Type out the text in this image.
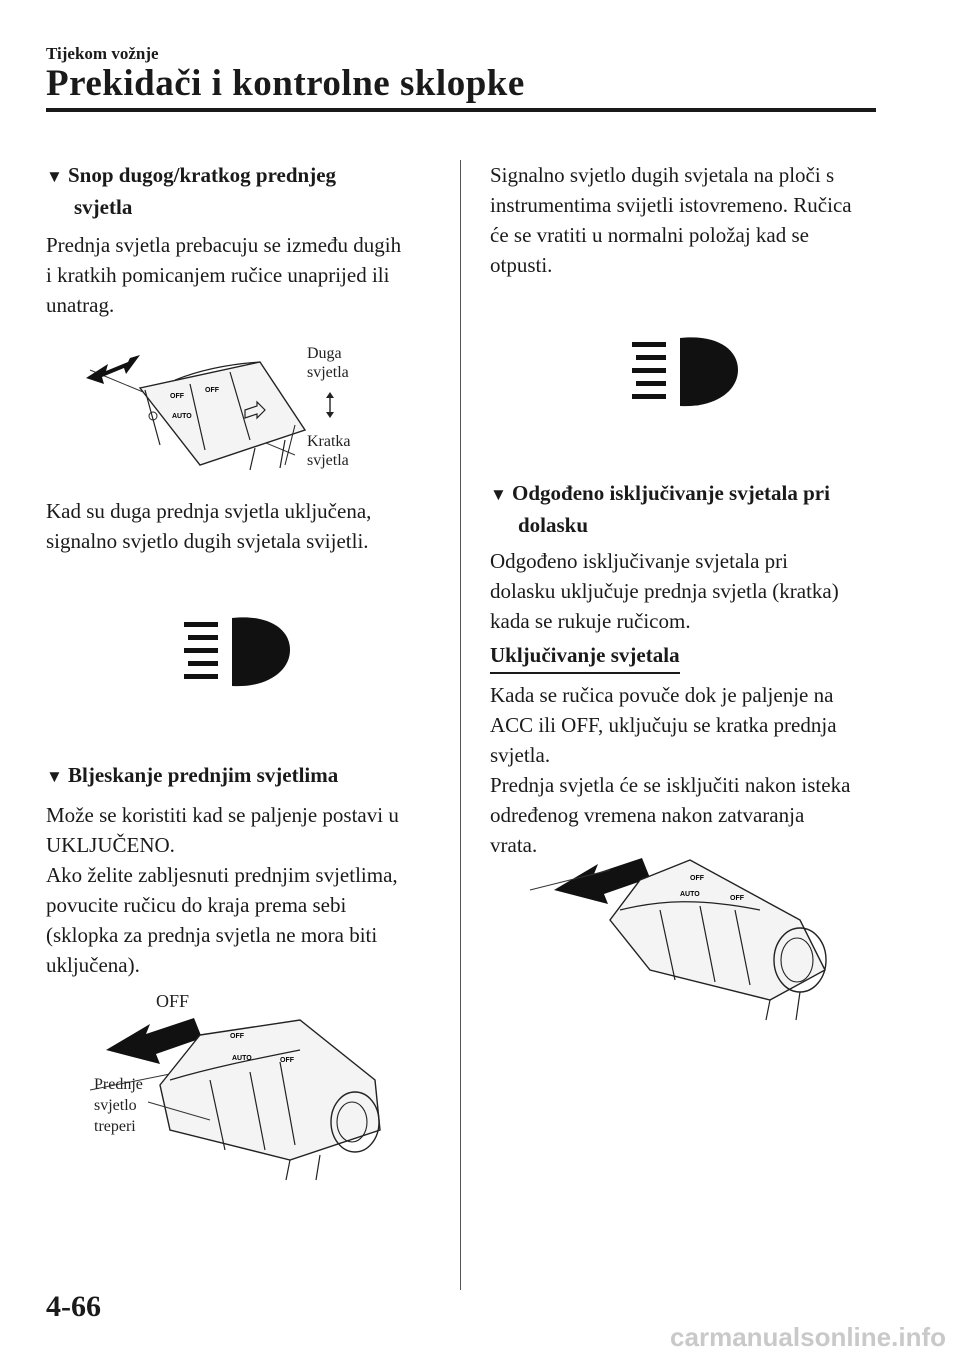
Tijekom vožnje
Prekidači i kontrolne sklopke
▼ Snop dugog/kratkog prednjeg
svjetla
Prednja svjetla prebacuju se između dugih
i kratkih pomicanjem ručice unaprijed ili
unatrag.
OFF
AUTO
OFF
Duga
svjetla
Kratka
svjetla
Kad su duga prednja svjetla uključena,
signalno svjetlo dugih svjetala svijetli.
▼ Bljeskanje prednjim svjetlima
Može se koristiti kad se paljenje postavi u
UKLJUČENO.
Ako želite zabljesnuti prednjim svjetlima,
povucite ručicu do kraja prema sebi
(sklopka za prednja svjetla ne mora biti
uključena).
OFF
AUTO	OFF
OFF
Prednje
svjetlo
treperi
Signalno svjetlo dugih svjetala na ploči s
instrumentima svijetli istovremeno. Ručica
će se vratiti u normalni položaj kad se
otpusti.
▼ Odgođeno isključivanje svjetala pri
dolasku
Odgođeno isključivanje svjetala pri
dolasku uključuje prednja svjetla (kratka)
kada se rukuje ručicom.
Uključivanje svjetala
Kada se ručica povuče dok je paljenje na
ACC ili OFF, uključuju se kratka prednja
svjetla.
Prednja svjetla će se isključiti nakon isteka
određenog vremena nakon zatvaranja
vrata.
OFF
AUTO
OFF
4-66
carmanualsonline.info
